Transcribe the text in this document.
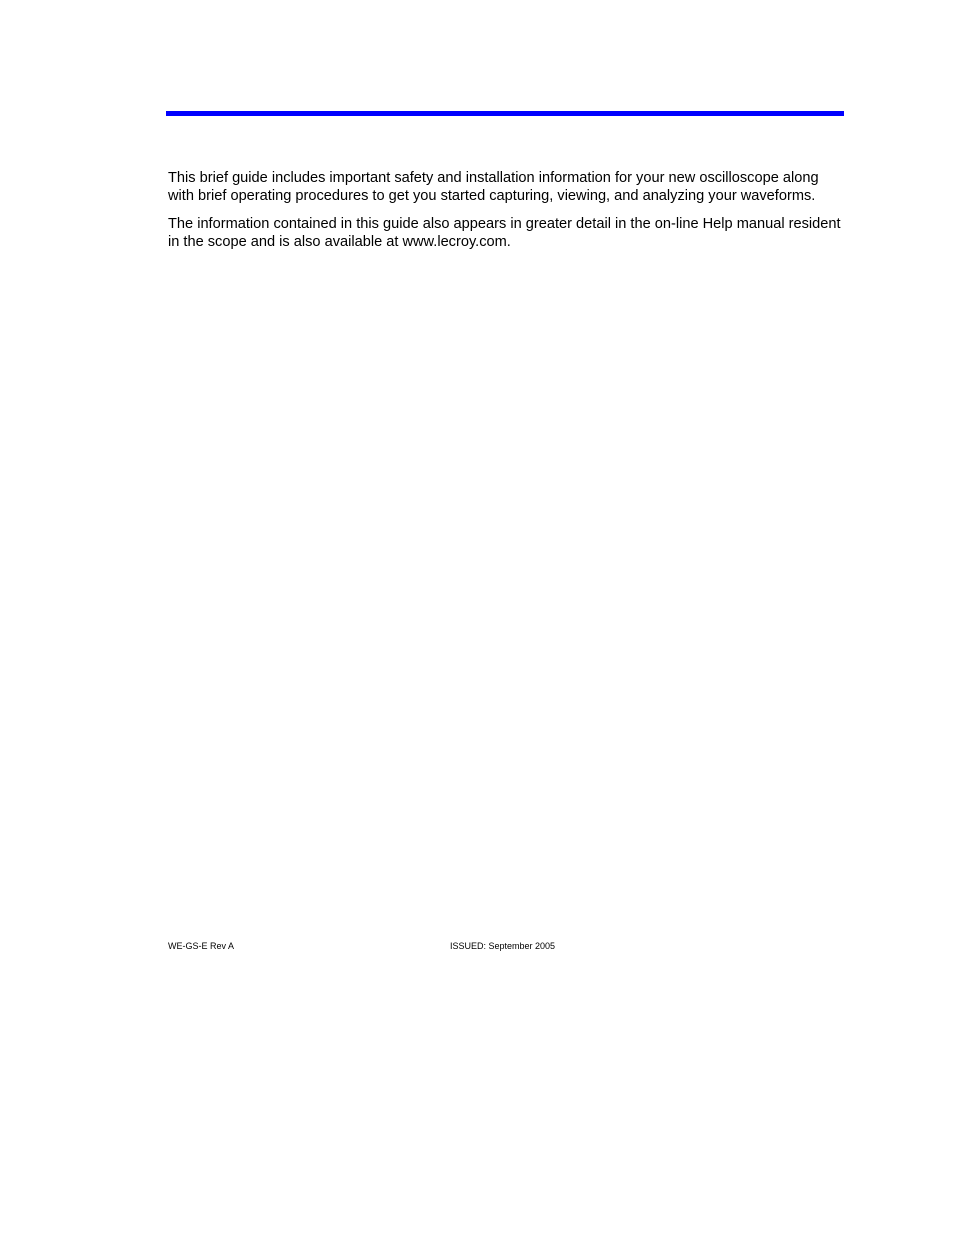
This brief guide includes important safety and installation information for your new oscilloscope along with brief operating procedures to get you started capturing, viewing, and analyzing your waveforms.

The information contained in this guide also appears in greater detail in the on-line Help manual resident in the scope and is also available at www.lecroy.com.

WE-GS-E Rev A	ISSUED: September 2005
